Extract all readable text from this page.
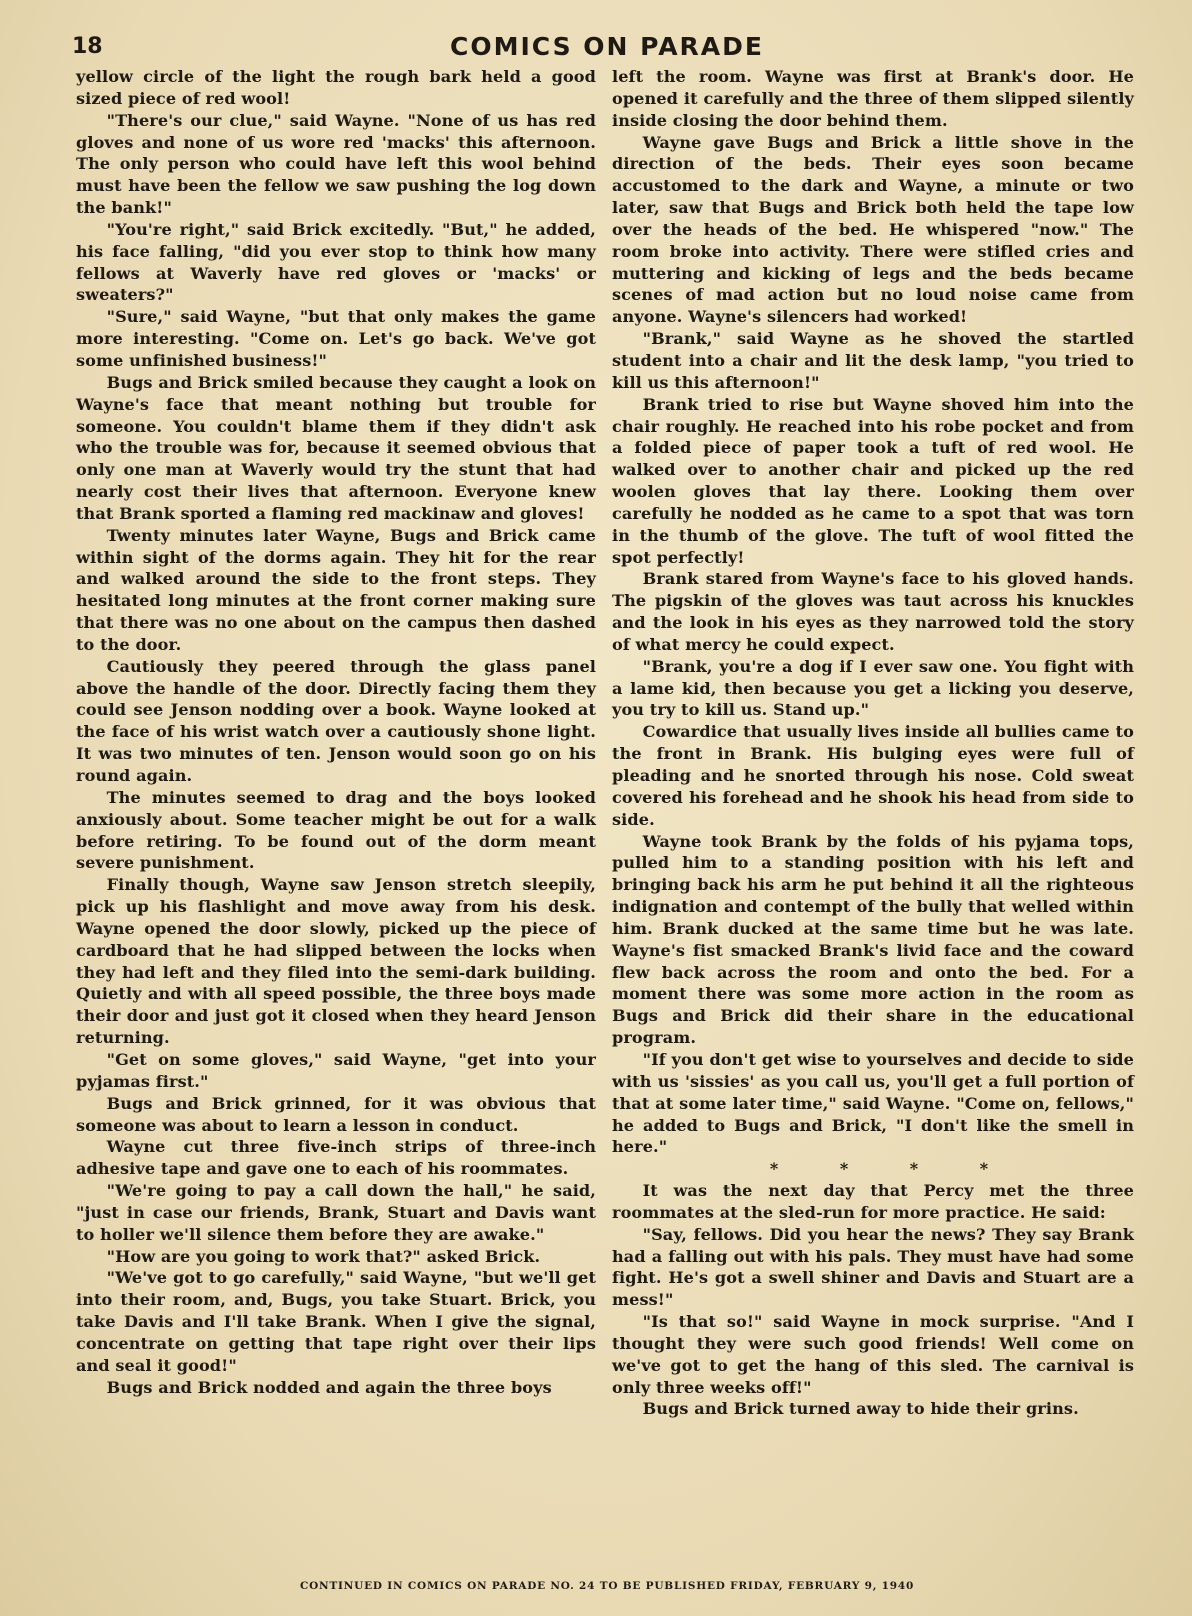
18	COMICS ON PARADE

yellow circle of the light the rough bark held a good sized piece of red wool!

"There's our clue," said Wayne. "None of us has red gloves and none of us wore red 'macks' this afternoon. The only person who could have left this wool behind must have been the fellow we saw pushing the log down the bank!"

"You're right," said Brick excitedly. "But," he added, his face falling, "did you ever stop to think how many fellows at Waverly have red gloves or 'macks' or sweaters?"

"Sure," said Wayne, "but that only makes the game more interesting. "Come on. Let's go back. We've got some unfinished business!"

Bugs and Brick smiled because they caught a look on Wayne's face that meant nothing but trouble for someone. You couldn't blame them if they didn't ask who the trouble was for, because it seemed obvious that only one man at Waverly would try the stunt that had nearly cost their lives that afternoon. Everyone knew that Brank sported a flaming red mackinaw and gloves!

Twenty minutes later Wayne, Bugs and Brick came within sight of the dorms again. They hit for the rear and walked around the side to the front steps. They hesitated long minutes at the front corner making sure that there was no one about on the campus then dashed to the door.

Cautiously they peered through the glass panel above the handle of the door. Directly facing them they could see Jenson nodding over a book. Wayne looked at the face of his wrist watch over a cautiously shone light. It was two minutes of ten. Jenson would soon go on his round again.

The minutes seemed to drag and the boys looked anxiously about. Some teacher might be out for a walk before retiring. To be found out of the dorm meant severe punishment.

Finally though, Wayne saw Jenson stretch sleepily, pick up his flashlight and move away from his desk. Wayne opened the door slowly, picked up the piece of cardboard that he had slipped between the locks when they had left and they filed into the semi-dark building. Quietly and with all speed possible, the three boys made their door and just got it closed when they heard Jenson returning.

"Get on some gloves," said Wayne, "get into your pyjamas first."

Bugs and Brick grinned, for it was obvious that someone was about to learn a lesson in conduct.

Wayne cut three five-inch strips of three-inch adhesive tape and gave one to each of his roommates.

"We're going to pay a call down the hall," he said, "just in case our friends, Brank, Stuart and Davis want to holler we'll silence them before they are awake."

"How are you going to work that?" asked Brick.

"We've got to go carefully," said Wayne, "but we'll get into their room, and, Bugs, you take Stuart. Brick, you take Davis and I'll take Brank. When I give the signal, concentrate on getting that tape right over their lips and seal it good!"

Bugs and Brick nodded and again the three boys

left the room. Wayne was first at Brank's door. He opened it carefully and the three of them slipped silently inside closing the door behind them.

Wayne gave Bugs and Brick a little shove in the direction of the beds. Their eyes soon became accustomed to the dark and Wayne, a minute or two later, saw that Bugs and Brick both held the tape low over the heads of the bed. He whispered "now." The room broke into activity. There were stifled cries and muttering and kicking of legs and the beds became scenes of mad action but no loud noise came from anyone. Wayne's silencers had worked!

"Brank," said Wayne as he shoved the startled student into a chair and lit the desk lamp, "you tried to kill us this afternoon!"

Brank tried to rise but Wayne shoved him into the chair roughly. He reached into his robe pocket and from a folded piece of paper took a tuft of red wool. He walked over to another chair and picked up the red woolen gloves that lay there. Looking them over carefully he nodded as he came to a spot that was torn in the thumb of the glove. The tuft of wool fitted the spot perfectly!

Brank stared from Wayne's face to his gloved hands. The pigskin of the gloves was taut across his knuckles and the look in his eyes as they narrowed told the story of what mercy he could expect.

"Brank, you're a dog if I ever saw one. You fight with a lame kid, then because you get a licking you deserve, you try to kill us. Stand up."

Cowardice that usually lives inside all bullies came to the front in Brank. His bulging eyes were full of pleading and he snorted through his nose. Cold sweat covered his forehead and he shook his head from side to side.

Wayne took Brank by the folds of his pyjama tops, pulled him to a standing position with his left and bringing back his arm he put behind it all the righteous indignation and contempt of the bully that welled within him. Brank ducked at the same time but he was late. Wayne's fist smacked Brank's livid face and the coward flew back across the room and onto the bed. For a moment there was some more action in the room as Bugs and Brick did their share in the educational program.

"If you don't get wise to yourselves and decide to side with us 'sissies' as you call us, you'll get a full portion of that at some later time," said Wayne. "Come on, fellows," he added to Bugs and Brick, "I don't like the smell in here."

* * * *

It was the next day that Percy met the three roommates at the sled-run for more practice. He said:

"Say, fellows. Did you hear the news? They say Brank had a falling out with his pals. They must have had some fight. He's got a swell shiner and Davis and Stuart are a mess!"

"Is that so!" said Wayne in mock surprise. "And I thought they were such good friends! Well come on we've got to get the hang of this sled. The carnival is only three weeks off!"

Bugs and Brick turned away to hide their grins.

CONTINUED IN COMICS ON PARADE NO. 24 TO BE PUBLISHED FRIDAY, FEBRUARY 9, 1940
